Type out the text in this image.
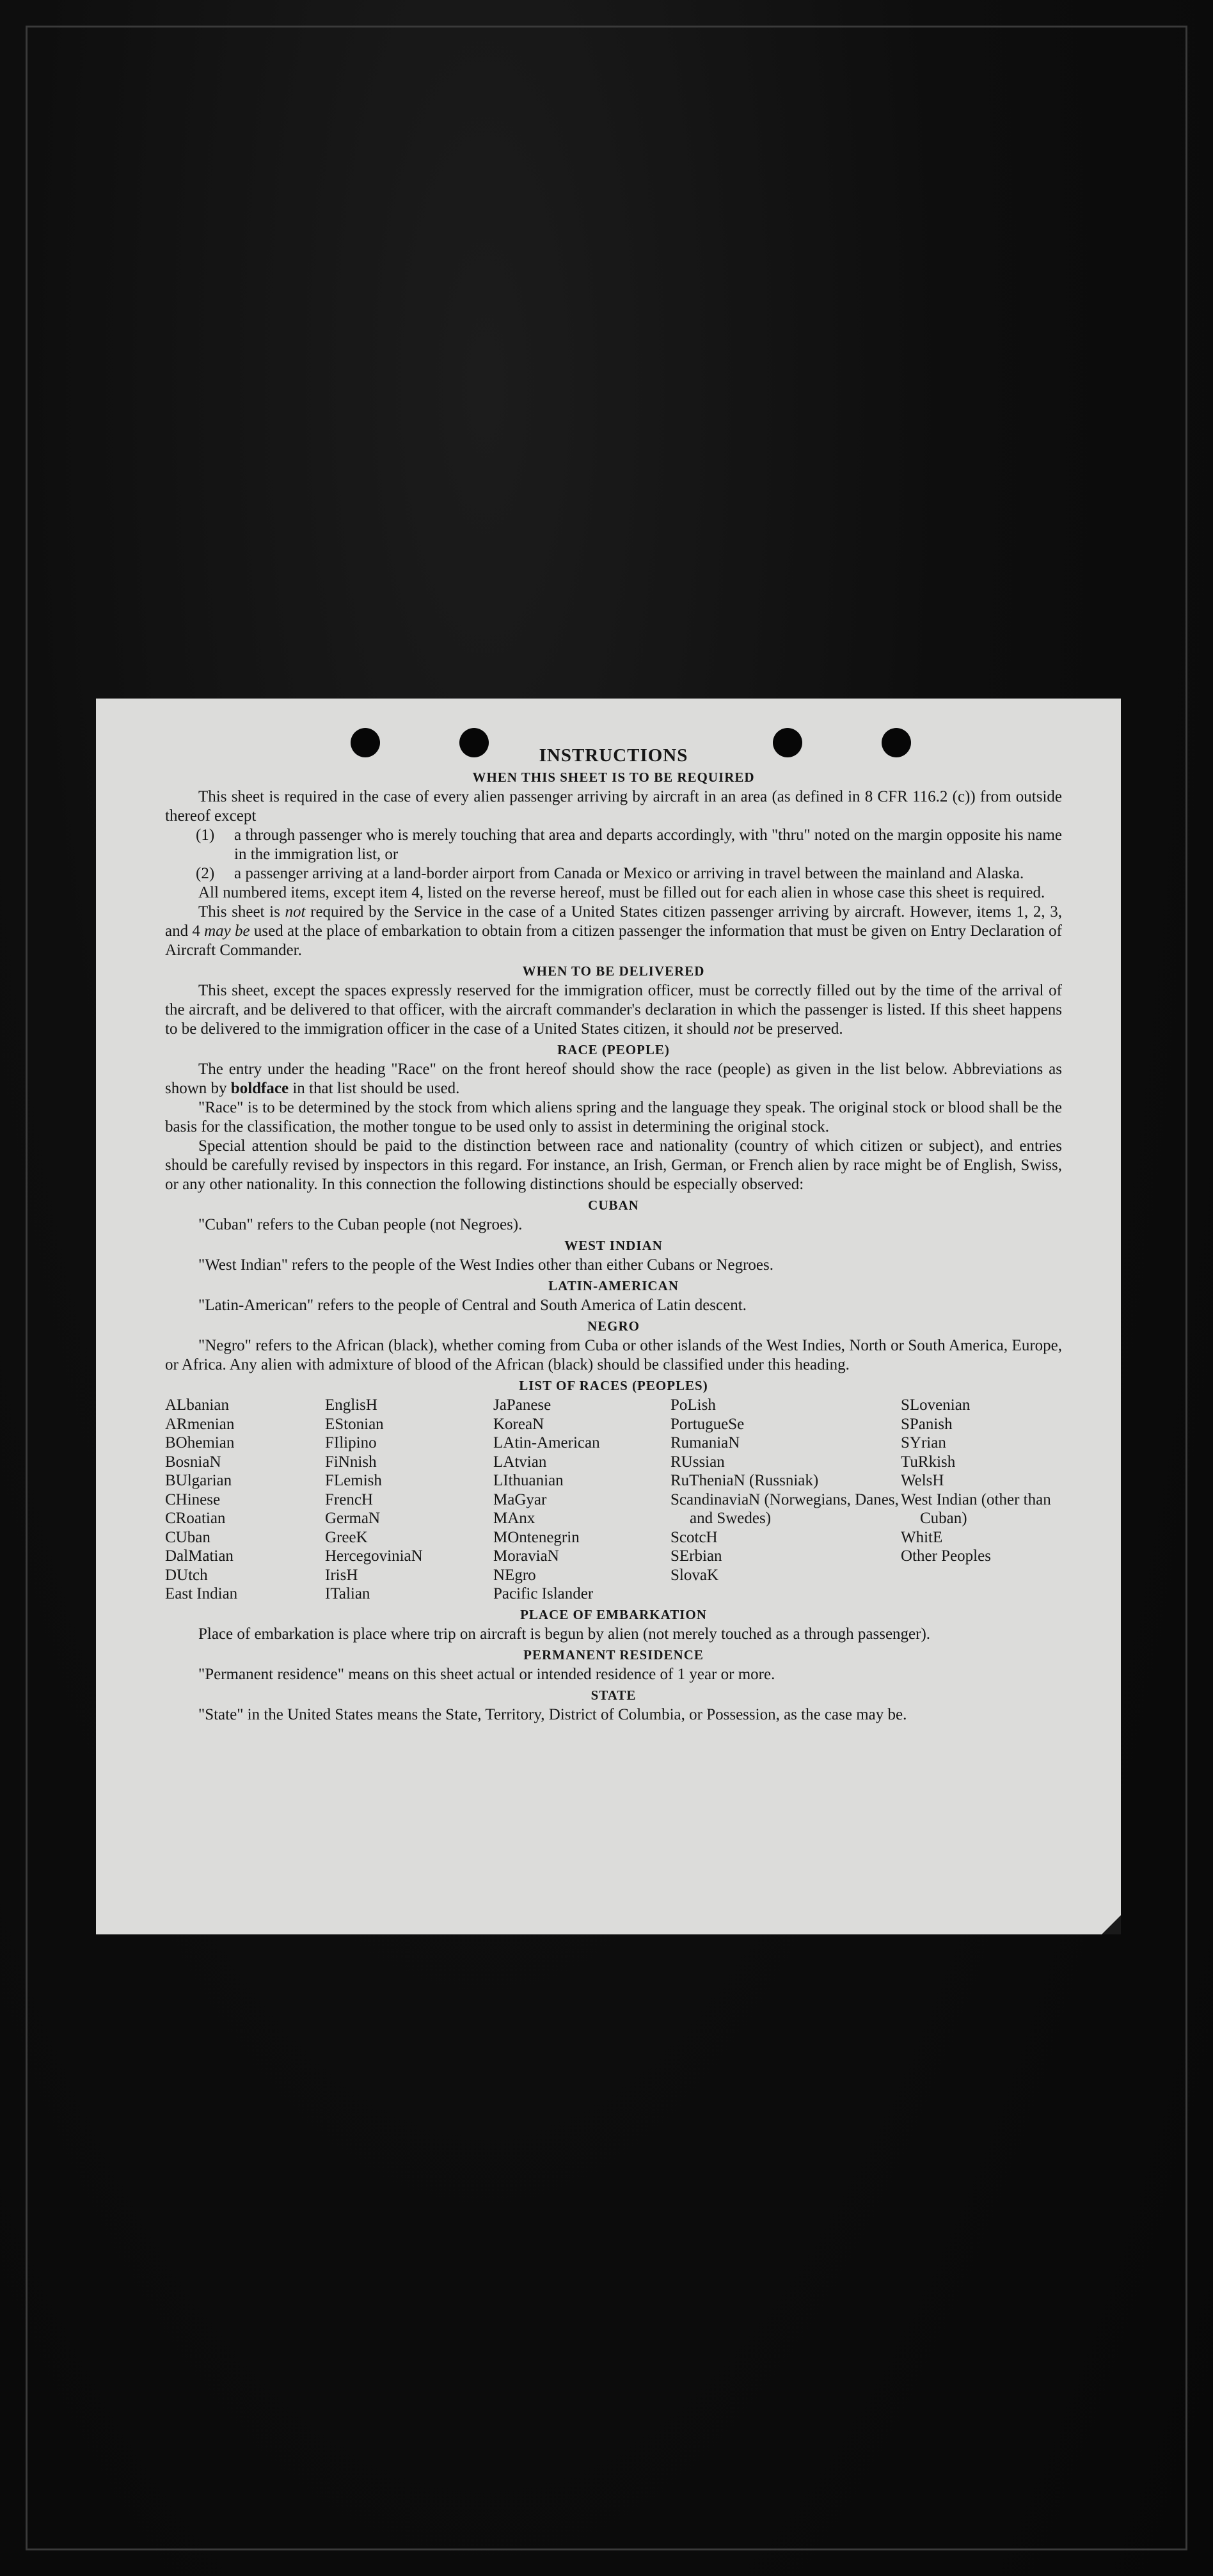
INSTRUCTIONS
WHEN THIS SHEET IS TO BE REQUIRED

This sheet is required in the case of every alien passenger arriving by aircraft in an area (as defined in 8 CFR 116.2 (c)) from outside thereof except

(1)	a through passenger who is merely touching that area and departs accordingly, with "thru" noted on the margin opposite his name in the immigration list, or
(2)	a passenger arriving at a land-border airport from Canada or Mexico or arriving in travel between the mainland and Alaska.

All numbered items, except item 4, listed on the reverse hereof, must be filled out for each alien in whose case this sheet is required.

This sheet is not required by the Service in the case of a United States citizen passenger arriving by aircraft. However, items 1, 2, 3, and 4 may be used at the place of embarkation to obtain from a citizen passenger the information that must be given on Entry Declaration of Aircraft Commander.

WHEN TO BE DELIVERED

This sheet, except the spaces expressly reserved for the immigration officer, must be correctly filled out by the time of the arrival of the aircraft, and be delivered to that officer, with the aircraft commander's declaration in which the passenger is listed. If this sheet happens to be delivered to the immigration officer in the case of a United States citizen, it should not be preserved.

RACE (PEOPLE)

The entry under the heading "Race" on the front hereof should show the race (people) as given in the list below. Abbreviations as shown by boldface in that list should be used.

"Race" is to be determined by the stock from which aliens spring and the language they speak. The original stock or blood shall be the basis for the classification, the mother tongue to be used only to assist in determining the original stock.

Special attention should be paid to the distinction between race and nationality (country of which citizen or subject), and entries should be carefully revised by inspectors in this regard. For instance, an Irish, German, or French alien by race might be of English, Swiss, or any other nationality. In this connection the following distinctions should be especially observed:

CUBAN

"Cuban" refers to the Cuban people (not Negroes).

WEST INDIAN

"West Indian" refers to the people of the West Indies other than either Cubans or Negroes.

LATIN-AMERICAN

"Latin-American" refers to the people of Central and South America of Latin descent.

NEGRO

"Negro" refers to the African (black), whether coming from Cuba or other islands of the West Indies, North or South America, Europe, or Africa. Any alien with admixture of blood of the African (black) should be classified under this heading.

LIST OF RACES (PEOPLES)
ALbanian
ARmenian
BOhemian
BosniaN
BUlgarian
CHinese
CRoatian
CUban
DalMatian
DUtch
East Indian
EnglisH
EStonian
FIlipino
FiNnish
FLemish
FrencH
GermaN
GreeK
HercegoviniaN
IrisH
ITalian
JaPanese
KoreaN
LAtin-American
LAtvian
LIthuanian
MaGyar
MAnx
MOntenegrin
MoraviaN
NEgro
Pacific Islander
PoLish
PortugueSe
RumaniaN
RUssian
RuTheniaN (Russniak)
ScandinaviaN (Norwegians, Danes, and Swedes)
ScotcH
SErbian
SlovaK
SLovenian
SPanish
SYrian
TuRkish
WelsH
West Indian (other than Cuban)
WhitE
Other Peoples
PLACE OF EMBARKATION

Place of embarkation is place where trip on aircraft is begun by alien (not merely touched as a through passenger).

PERMANENT RESIDENCE

"Permanent residence" means on this sheet actual or intended residence of 1 year or more.

STATE

"State" in the United States means the State, Territory, District of Columbia, or Possession, as the case may be.
